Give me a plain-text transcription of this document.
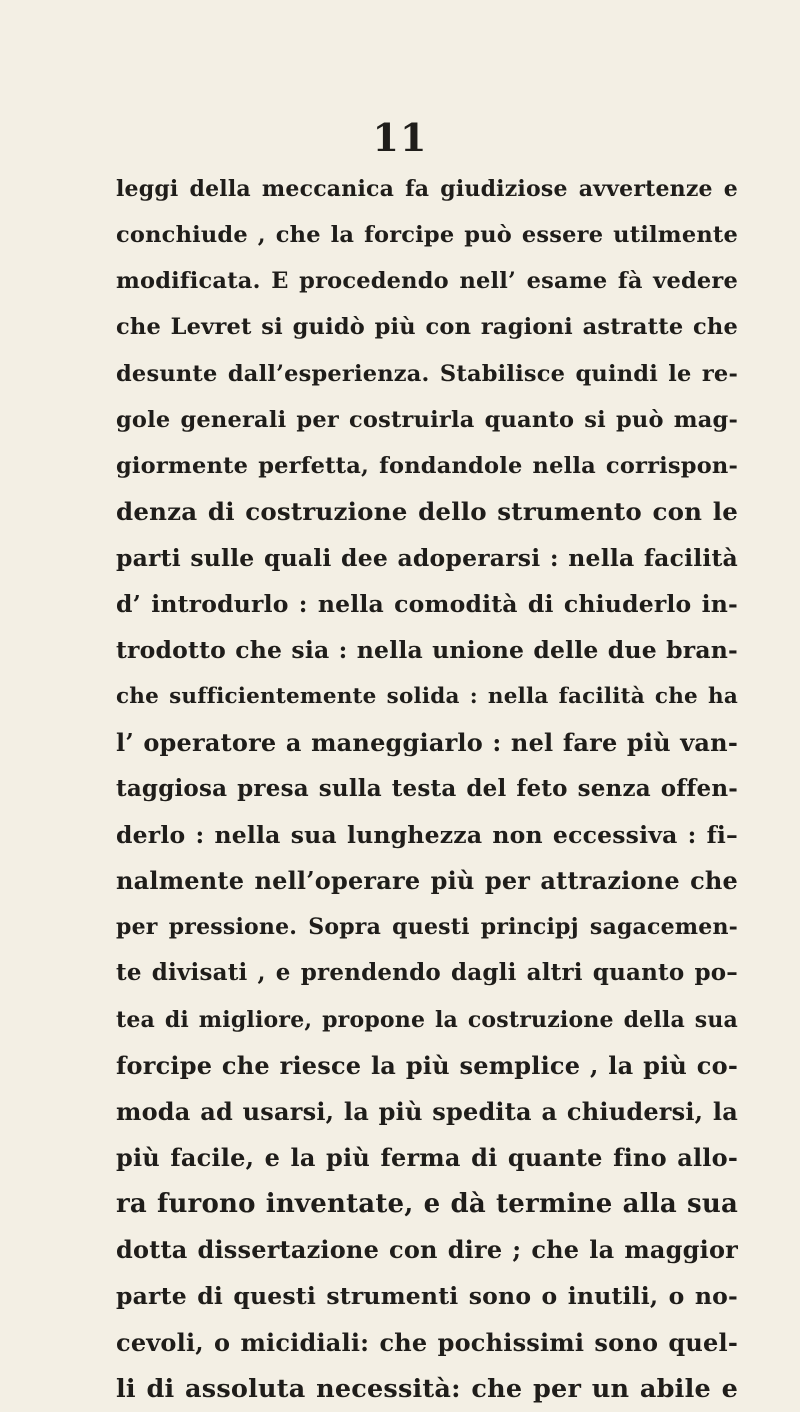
11
leggi della meccanica fa giudiziose avvertenze e
conchiude , che la forcipe può essere utilmente
modificata. E procedendo nell’ esame fà vedere
che Levret si guidò più con ragioni astratte che
desunte dall’esperienza. Stabilisce quindi le re-
gole generali per costruirla quanto si può mag-
giormente perfetta, fondandole nella corrispon-
denza di costruzione dello strumento con le
parti sulle quali dee adoperarsi : nella facilità
d’ introdurlo : nella comodità di chiuderlo in-
trodotto che sia : nella unione delle due bran-
che sufficientemente solida : nella facilità che ha
l’ operatore a maneggiarlo : nel fare più van-
taggiosa presa sulla testa del feto senza offen-
derlo : nella sua lunghezza non eccessiva : fi–
nalmente nell’operare più per attrazione che
per pressione. Sopra questi principj sagacemen-
te divisati , e prendendo dagli altri quanto po–
tea di migliore, propone la costruzione della sua
forcipe che riesce la più semplice , la più co-
moda ad usarsi, la più spedita a chiudersi, la
più facile, e la più ferma di quante fino allo-
ra furono inventate, e dà termine alla sua
dotta dissertazione con dire ; che la maggior
parte di questi strumenti sono o inutili, o no-
cevoli, o micidiali: che pochissimi sono quel-
li di assoluta necessità: che per un abile e
